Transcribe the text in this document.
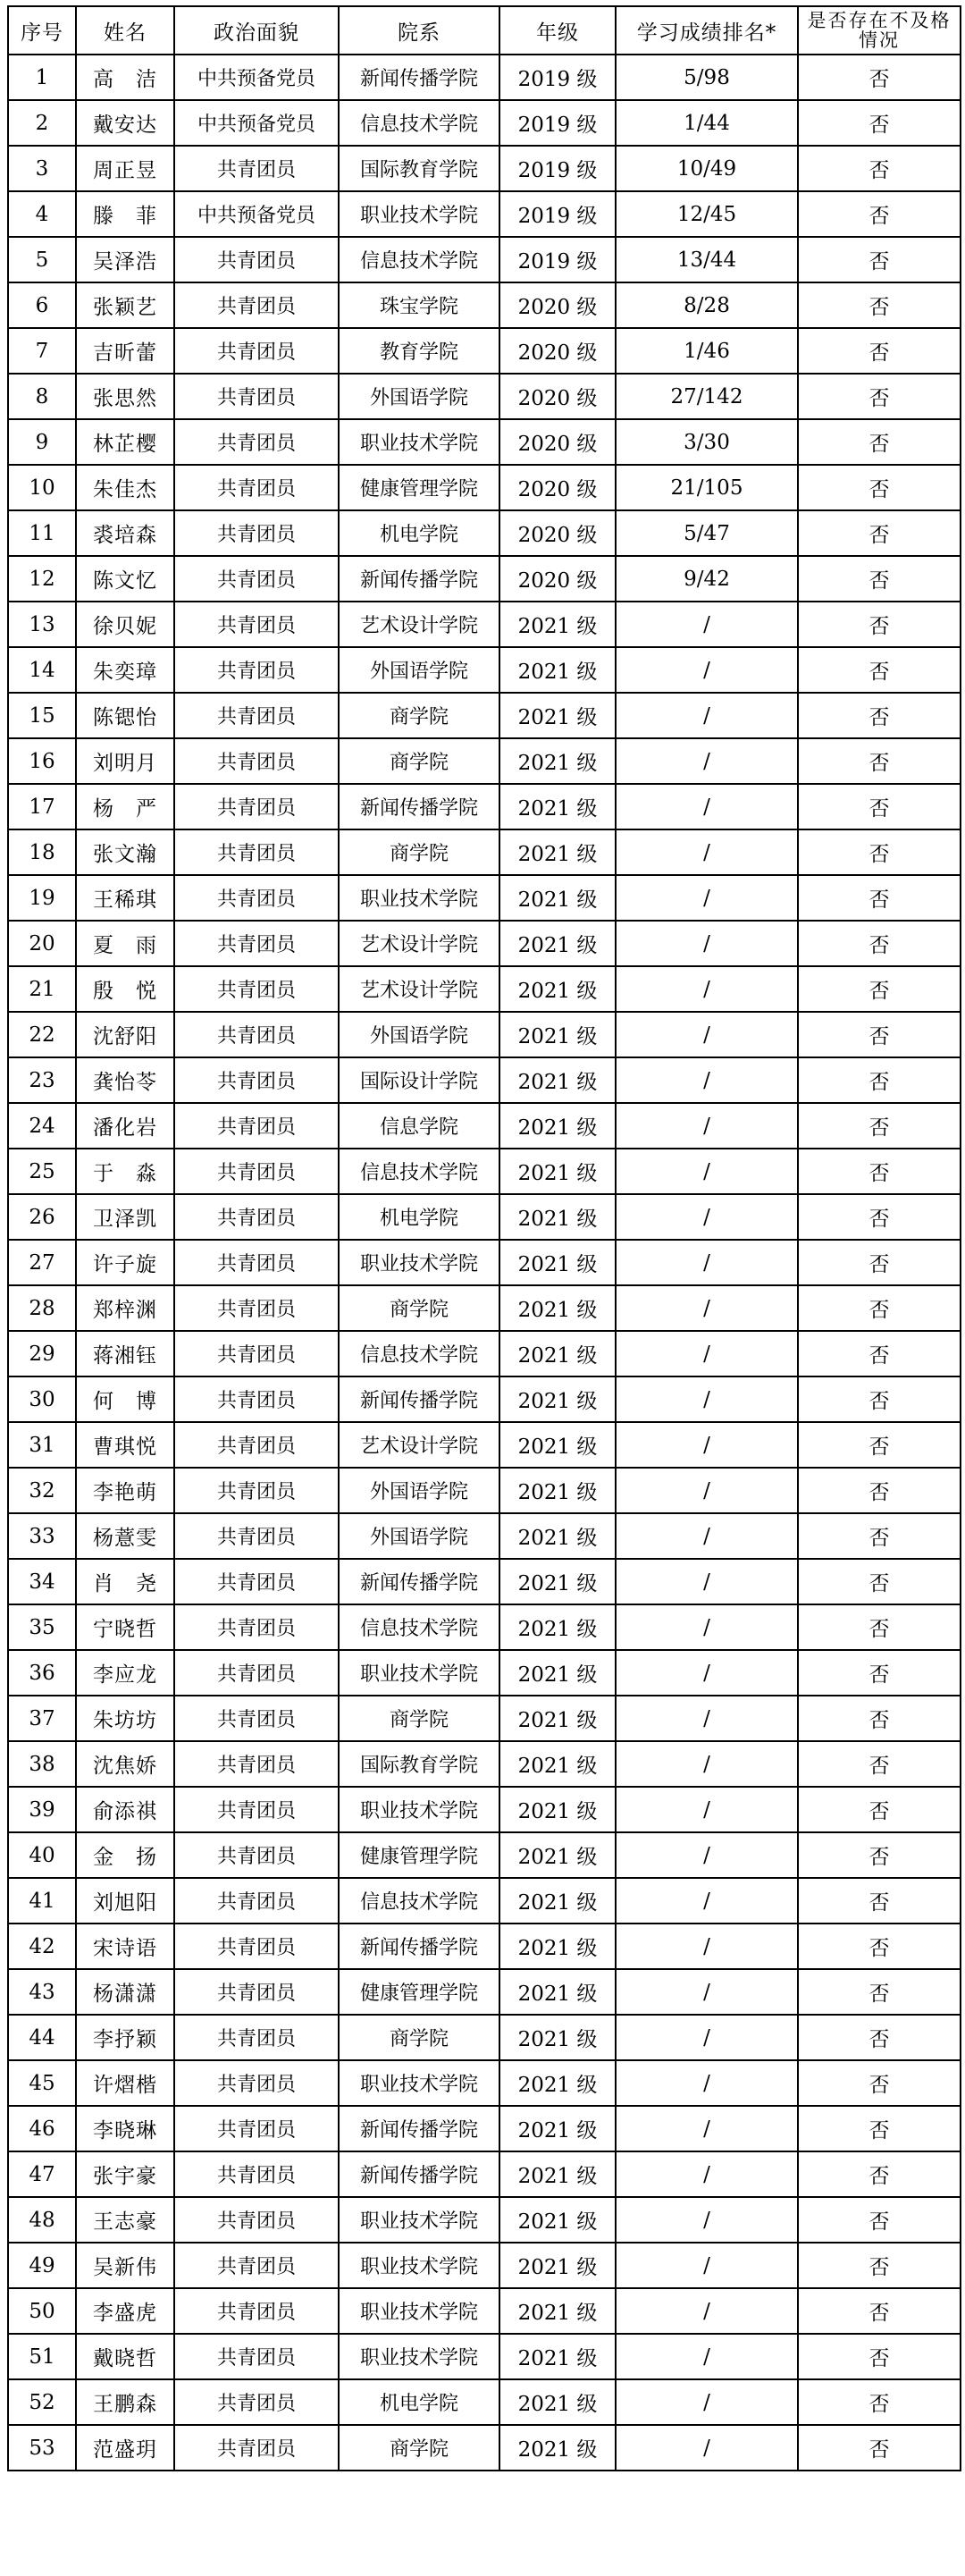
序号	姓名	政治面貌	院系	年级	学习成绩排名*	是否存在不及格情况
1	高　洁	中共预备党员	新闻传播学院	2019 级	5/98	否
2	戴安达	中共预备党员	信息技术学院	2019 级	1/44	否
3	周正昱	共青团员	国际教育学院	2019 级	10/49	否
4	滕　菲	中共预备党员	职业技术学院	2019 级	12/45	否
5	吴泽浩	共青团员	信息技术学院	2019 级	13/44	否
6	张颖艺	共青团员	珠宝学院	2020 级	8/28	否
7	吉昕蕾	共青团员	教育学院	2020 级	1/46	否
8	张思然	共青团员	外国语学院	2020 级	27/142	否
9	林芷樱	共青团员	职业技术学院	2020 级	3/30	否
10	朱佳杰	共青团员	健康管理学院	2020 级	21/105	否
11	裘培森	共青团员	机电学院	2020 级	5/47	否
12	陈文忆	共青团员	新闻传播学院	2020 级	9/42	否
13	徐贝妮	共青团员	艺术设计学院	2021 级	/	否
14	朱奕璋	共青团员	外国语学院	2021 级	/	否
15	陈锶怡	共青团员	商学院	2021 级	/	否
16	刘明月	共青团员	商学院	2021 级	/	否
17	杨　严	共青团员	新闻传播学院	2021 级	/	否
18	张文瀚	共青团员	商学院	2021 级	/	否
19	王稀琪	共青团员	职业技术学院	2021 级	/	否
20	夏　雨	共青团员	艺术设计学院	2021 级	/	否
21	殷　悦	共青团员	艺术设计学院	2021 级	/	否
22	沈舒阳	共青团员	外国语学院	2021 级	/	否
23	龚怡苓	共青团员	国际设计学院	2021 级	/	否
24	潘化岩	共青团员	信息学院	2021 级	/	否
25	于　淼	共青团员	信息技术学院	2021 级	/	否
26	卫泽凯	共青团员	机电学院	2021 级	/	否
27	许子旋	共青团员	职业技术学院	2021 级	/	否
28	郑梓渊	共青团员	商学院	2021 级	/	否
29	蒋湘钰	共青团员	信息技术学院	2021 级	/	否
30	何　博	共青团员	新闻传播学院	2021 级	/	否
31	曹琪悦	共青团员	艺术设计学院	2021 级	/	否
32	李艳萌	共青团员	外国语学院	2021 级	/	否
33	杨薏雯	共青团员	外国语学院	2021 级	/	否
34	肖　尧	共青团员	新闻传播学院	2021 级	/	否
35	宁晓哲	共青团员	信息技术学院	2021 级	/	否
36	李应龙	共青团员	职业技术学院	2021 级	/	否
37	朱坊坊	共青团员	商学院	2021 级	/	否
38	沈焦娇	共青团员	国际教育学院	2021 级	/	否
39	俞添祺	共青团员	职业技术学院	2021 级	/	否
40	金　扬	共青团员	健康管理学院	2021 级	/	否
41	刘旭阳	共青团员	信息技术学院	2021 级	/	否
42	宋诗语	共青团员	新闻传播学院	2021 级	/	否
43	杨潇潇	共青团员	健康管理学院	2021 级	/	否
44	李抒颖	共青团员	商学院	2021 级	/	否
45	许熠楷	共青团员	职业技术学院	2021 级	/	否
46	李晓琳	共青团员	新闻传播学院	2021 级	/	否
47	张宇豪	共青团员	新闻传播学院	2021 级	/	否
48	王志豪	共青团员	职业技术学院	2021 级	/	否
49	吴新伟	共青团员	职业技术学院	2021 级	/	否
50	李盛虎	共青团员	职业技术学院	2021 级	/	否
51	戴晓哲	共青团员	职业技术学院	2021 级	/	否
52	王鹏森	共青团员	机电学院	2021 级	/	否
53	范盛玥	共青团员	商学院	2021 级	/	否
